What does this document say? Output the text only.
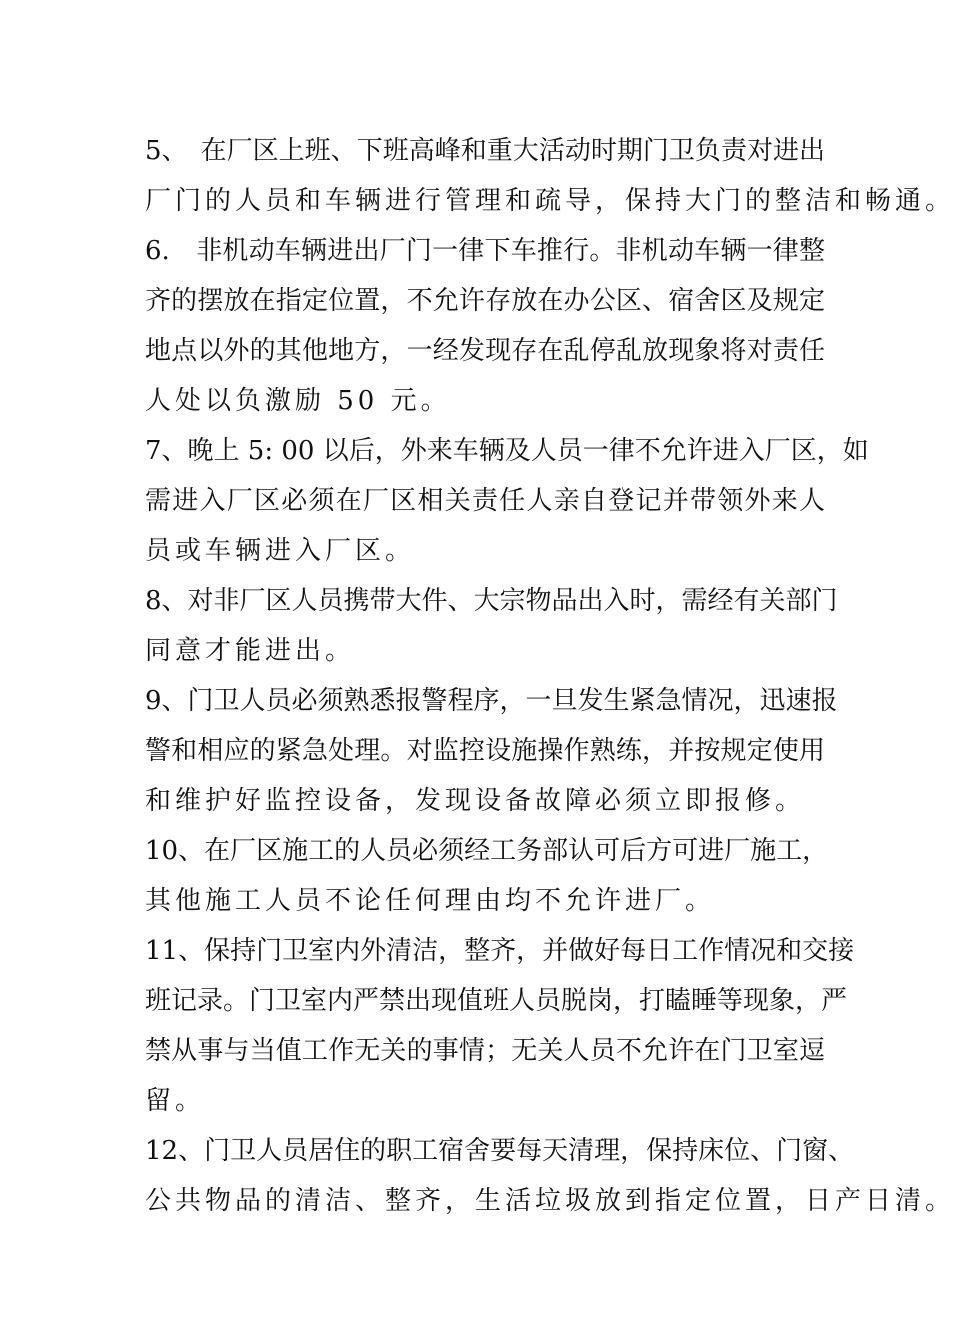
5、　在厂区上班、下班高峰和重大活动时期门卫负责对进出
厂门的人员和车辆进行管理和疏导，保持大门的整洁和畅通。
6.　非机动车辆进出厂门一律下车推行。非机动车辆一律整
齐的摆放在指定位置，不允许存放在办公区、宿舍区及规定
地点以外的其他地方，一经发现存在乱停乱放现象将对责任
人处以负激励 50 元。
7、晚上 5: 00 以后，外来车辆及人员一律不允许进入厂区，如
需进入厂区必须在厂区相关责任人亲自登记并带领外来人
员或车辆进入厂区。
8、对非厂区人员携带大件、大宗物品出入时，需经有关部门
同意才能进出。
9、门卫人员必须熟悉报警程序，一旦发生紧急情况，迅速报
警和相应的紧急处理。对监控设施操作熟练，并按规定使用
和维护好监控设备，发现设备故障必须立即报修。
10、在厂区施工的人员必须经工务部认可后方可进厂施工，
其他施工人员不论任何理由均不允许进厂。
11、保持门卫室内外清洁，整齐，并做好每日工作情况和交接
班记录。门卫室内严禁出现值班人员脱岗，打瞌睡等现象，严
禁从事与当值工作无关的事情；无关人员不允许在门卫室逗
留。
12、门卫人员居住的职工宿舍要每天清理，保持床位、门窗、
公共物品的清洁、整齐，生活垃圾放到指定位置，日产日清。
